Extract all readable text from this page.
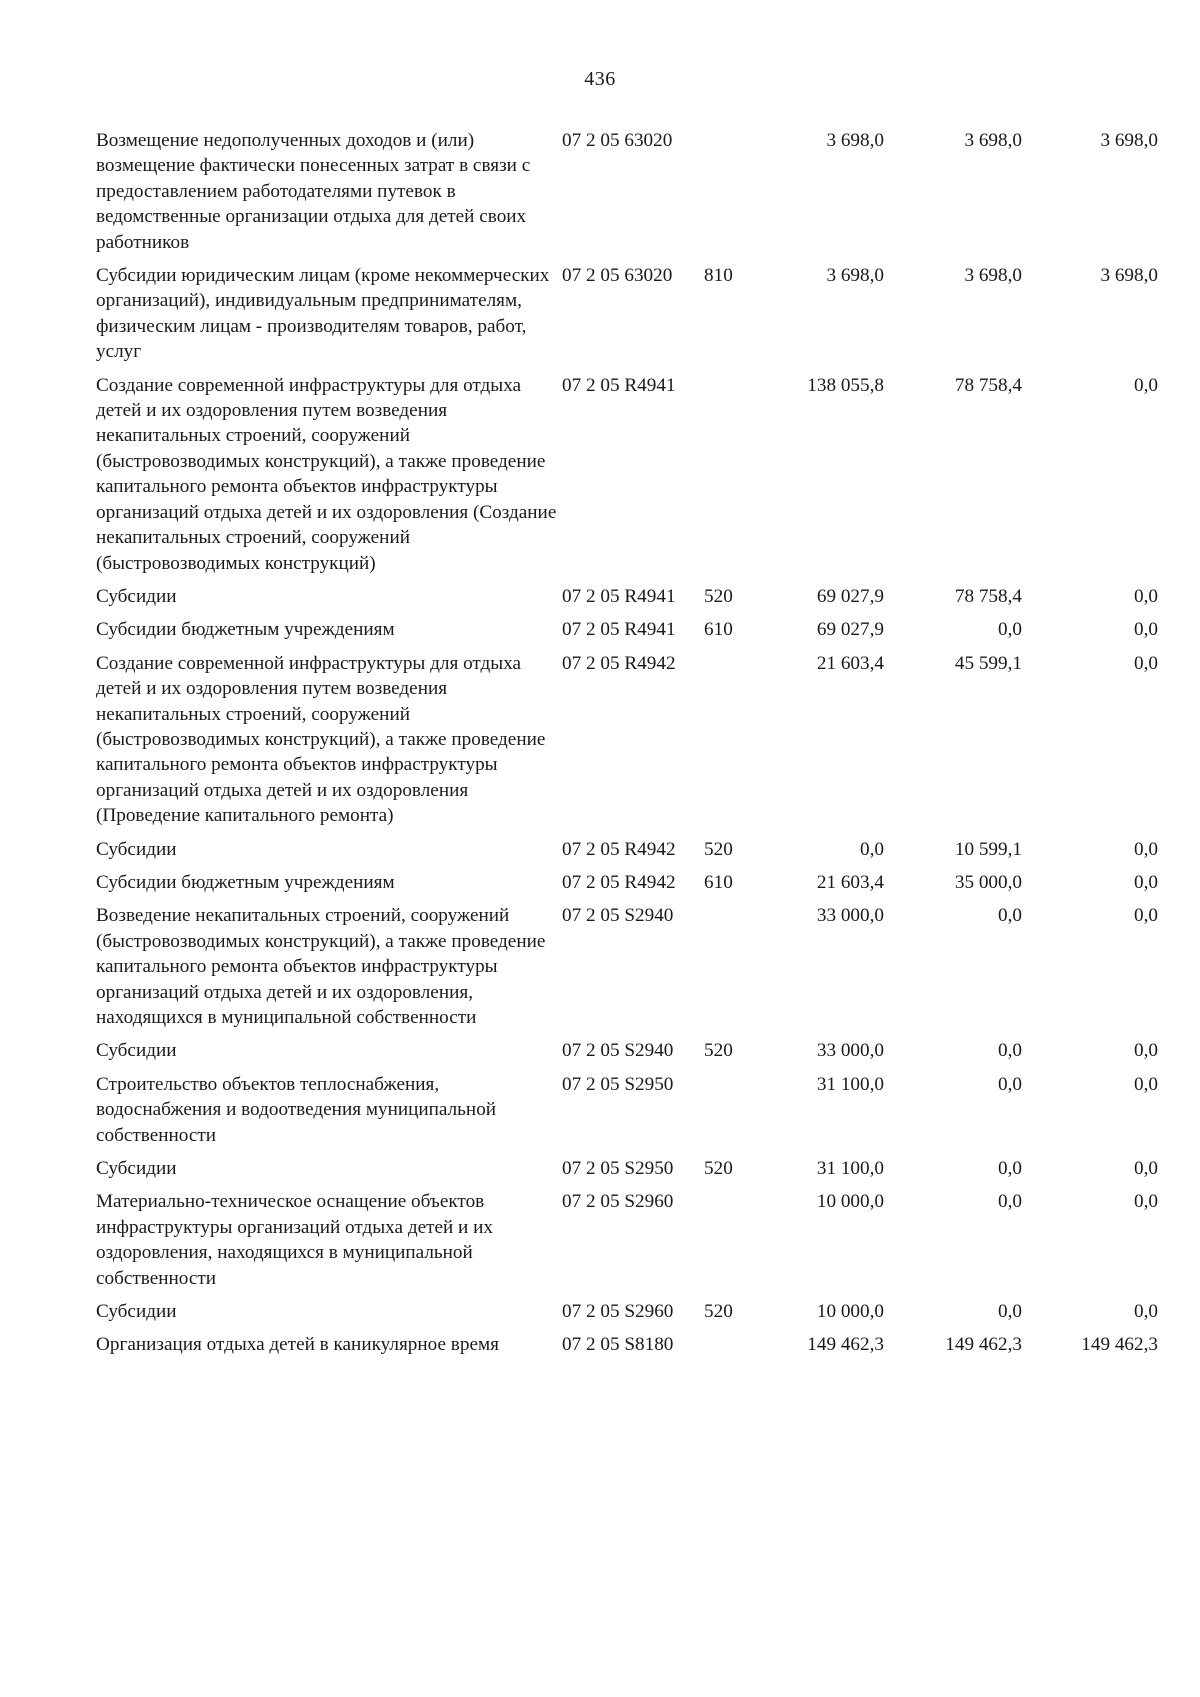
436
Возмещение недополученных доходов и (или) возмещение фактически понесенных затрат в связи с предоставлением работодателями путевок в ведомственные организации отдыха для детей своих работников	07 2 05 63020		3 698,0	3 698,0	3 698,0
Субсидии юридическим лицам (кроме некоммерческих организаций), индивидуальным предпринимателям, физическим лицам - производителям товаров, работ, услуг	07 2 05 63020	810	3 698,0	3 698,0	3 698,0
Создание современной инфраструктуры для отдыха детей и их оздоровления путем возведения некапитальных строений, сооружений (быстровозводимых конструкций), а также проведение капитального ремонта объектов инфраструктуры организаций отдыха детей и их оздоровления (Создание некапитальных строений, сооружений (быстровозводимых конструкций)	07 2 05 R4941		138 055,8	78 758,4	0,0
Субсидии	07 2 05 R4941	520	69 027,9	78 758,4	0,0
Субсидии бюджетным учреждениям	07 2 05 R4941	610	69 027,9	0,0	0,0
Создание современной инфраструктуры для отдыха детей и их оздоровления путем возведения некапитальных строений, сооружений (быстровозводимых конструкций), а также проведение капитального ремонта объектов инфраструктуры организаций отдыха детей и их оздоровления (Проведение капитального ремонта)	07 2 05 R4942		21 603,4	45 599,1	0,0
Субсидии	07 2 05 R4942	520	0,0	10 599,1	0,0
Субсидии бюджетным учреждениям	07 2 05 R4942	610	21 603,4	35 000,0	0,0
Возведение некапитальных строений, сооружений (быстровозводимых конструкций), а также проведение капитального ремонта объектов инфраструктуры организаций отдыха детей и их оздоровления, находящихся в муниципальной собственности	07 2 05 S2940		33 000,0	0,0	0,0
Субсидии	07 2 05 S2940	520	33 000,0	0,0	0,0
Строительство объектов теплоснабжения, водоснабжения и водоотведения муниципальной собственности	07 2 05 S2950		31 100,0	0,0	0,0
Субсидии	07 2 05 S2950	520	31 100,0	0,0	0,0
Материально-техническое оснащение объектов инфраструктуры организаций отдыха детей и их оздоровления, находящихся в муниципальной собственности	07 2 05 S2960		10 000,0	0,0	0,0
Субсидии	07 2 05 S2960	520	10 000,0	0,0	0,0
Организация отдыха детей в каникулярное время	07 2 05 S8180		149 462,3	149 462,3	149 462,3
